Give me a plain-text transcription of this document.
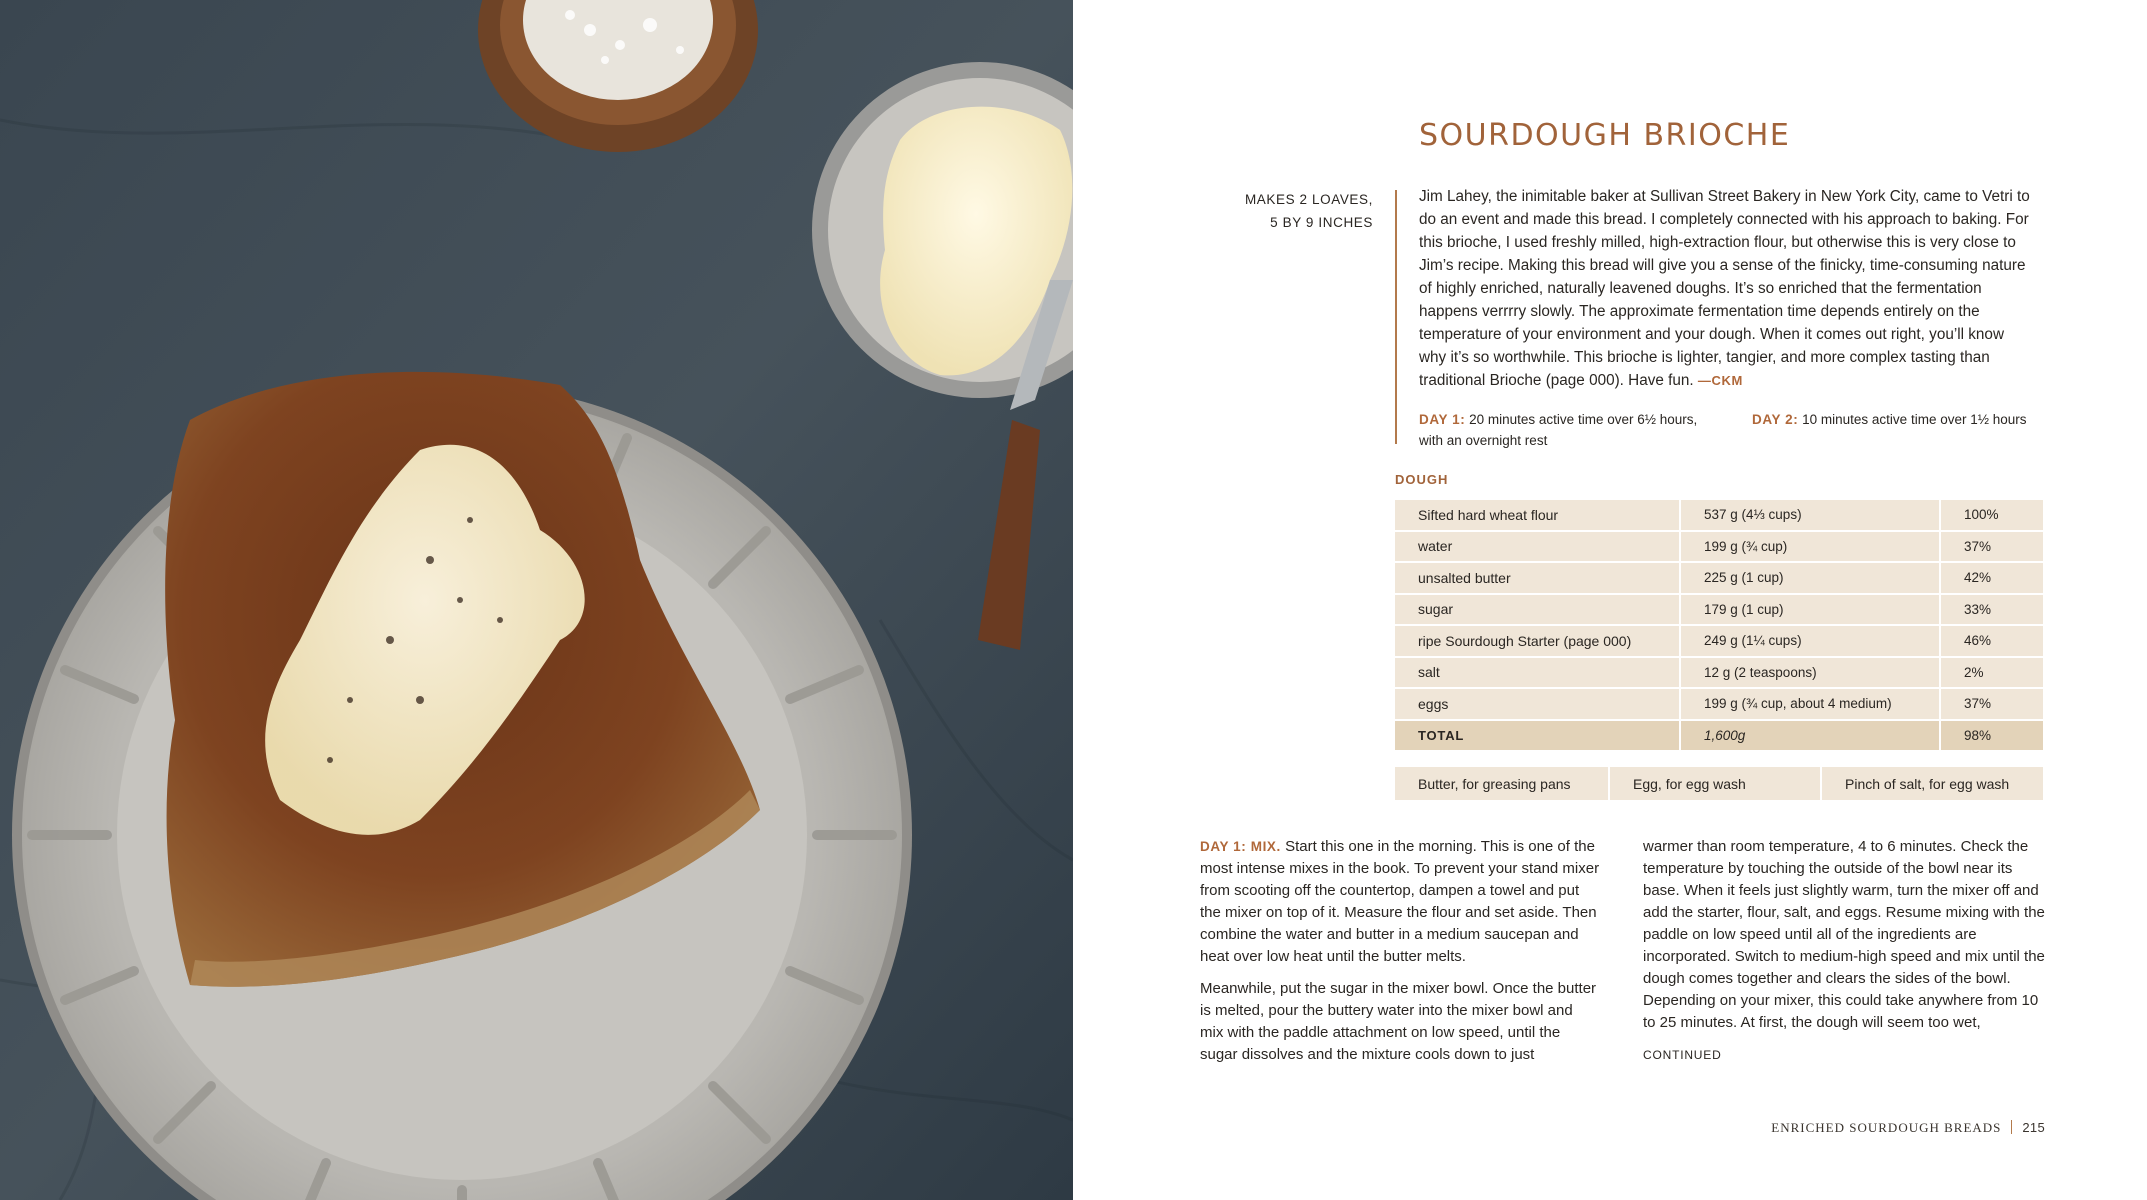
SOURDOUGH BRIOCHE
MAKES 2 LOAVES,
5 BY 9 INCHES

Jim Lahey, the inimitable baker at Sullivan Street Bakery in New York City, came to Vetri to do an event and made this bread. I completely connected with his approach to baking. For this brioche, I used freshly milled, high-extraction flour, but otherwise this is very close to Jim’s recipe. Making this bread will give you a sense of the finicky, time-consuming nature of highly enriched, naturally leavened doughs. It’s so enriched that the fermentation happens verrrry slowly. The approximate fermentation time depends entirely on the temperature of your environment and your dough. When it comes out right, you’ll know why it’s so worthwhile. This brioche is lighter, tangier, and more complex tasting than traditional Brioche (page 000). Have fun. —CKM

DAY 1: 20 minutes active time over 6½ hours, with an overnight rest
DAY 2: 10 minutes active time over 1½ hours
DOUGH
Sifted hard wheat flour	537 g (4⅓ cups)	100%
water	199 g (¾ cup)	37%
unsalted butter	225 g (1 cup)	42%
sugar	179 g (1 cup)	33%
ripe Sourdough Starter (page 000)	249 g (1¼ cups)	46%
salt	12 g (2 teaspoons)	2%
eggs	199 g (¾ cup, about 4 medium)	37%
TOTAL	1,600g	98%
Butter, for greasing pans	Egg, for egg wash	Pinch of salt, for egg wash

DAY 1: MIX. Start this one in the morning. This is one of the most intense mixes in the book. To prevent your stand mixer from scooting off the countertop, dampen a towel and put the mixer on top of it. Measure the flour and set aside. Then combine the water and butter in a medium saucepan and heat over low heat until the butter melts.

Meanwhile, put the sugar in the mixer bowl. Once the butter is melted, pour the buttery water into the mixer bowl and mix with the paddle attachment on low speed, until the sugar dissolves and the mixture cools down to just

warmer than room temperature, 4 to 6 minutes. Check the temperature by touching the outside of the bowl near its base. When it feels just slightly warm, turn the mixer off and add the starter, flour, salt, and eggs. Resume mixing with the paddle on low speed until all of the ingredients are incorporated. Switch to medium-high speed and mix until the dough comes together and clears the sides of the bowl. Depending on your mixer, this could take anywhere from 10 to 25 minutes. At first, the dough will seem too wet,

CONTINUED
ENRICHED SOURDOUGH BREADS 215
